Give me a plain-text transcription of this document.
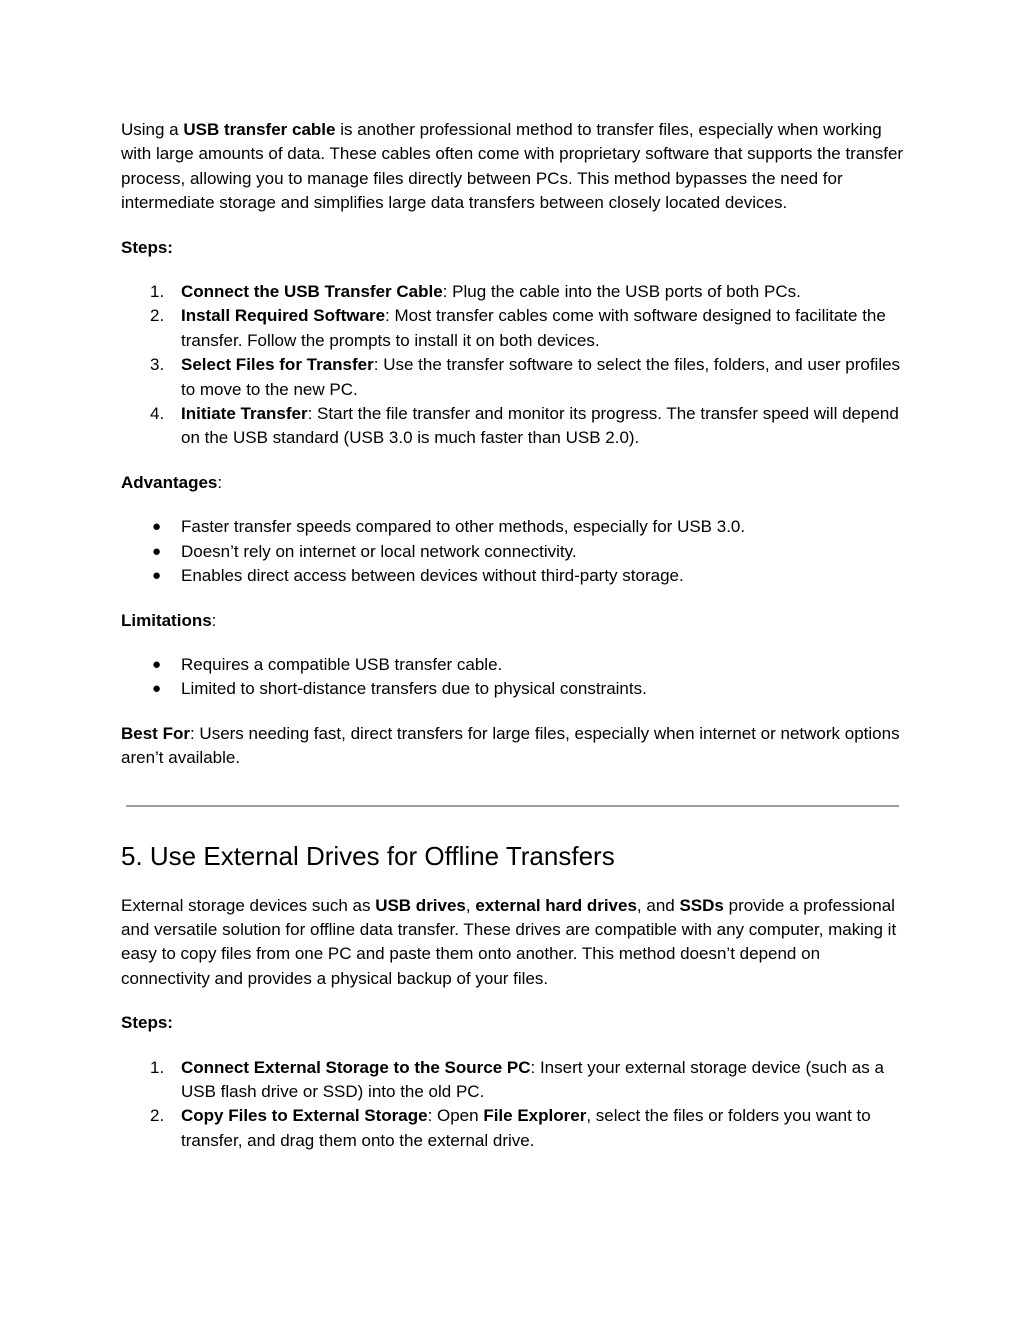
Using a USB transfer cable is another professional method to transfer files, especially when working with large amounts of data. These cables often come with proprietary software that supports the transfer process, allowing you to manage files directly between PCs. This method bypasses the need for intermediate storage and simplifies large data transfers between closely located devices.

Steps:

1. Connect the USB Transfer Cable: Plug the cable into the USB ports of both PCs.
2. Install Required Software: Most transfer cables come with software designed to facilitate the transfer. Follow the prompts to install it on both devices.
3. Select Files for Transfer: Use the transfer software to select the files, folders, and user profiles to move to the new PC.
4. Initiate Transfer: Start the file transfer and monitor its progress. The transfer speed will depend on the USB standard (USB 3.0 is much faster than USB 2.0).

Advantages:

● Faster transfer speeds compared to other methods, especially for USB 3.0.
● Doesn’t rely on internet or local network connectivity.
● Enables direct access between devices without third-party storage.

Limitations:

● Requires a compatible USB transfer cable.
● Limited to short-distance transfers due to physical constraints.

Best For: Users needing fast, direct transfers for large files, especially when internet or network options aren’t available.

5. Use External Drives for Offline Transfers

External storage devices such as USB drives, external hard drives, and SSDs provide a professional and versatile solution for offline data transfer. These drives are compatible with any computer, making it easy to copy files from one PC and paste them onto another. This method doesn’t depend on connectivity and provides a physical backup of your files.

Steps:

1. Connect External Storage to the Source PC: Insert your external storage device (such as a USB flash drive or SSD) into the old PC.
2. Copy Files to External Storage: Open File Explorer, select the files or folders you want to transfer, and drag them onto the external drive.
